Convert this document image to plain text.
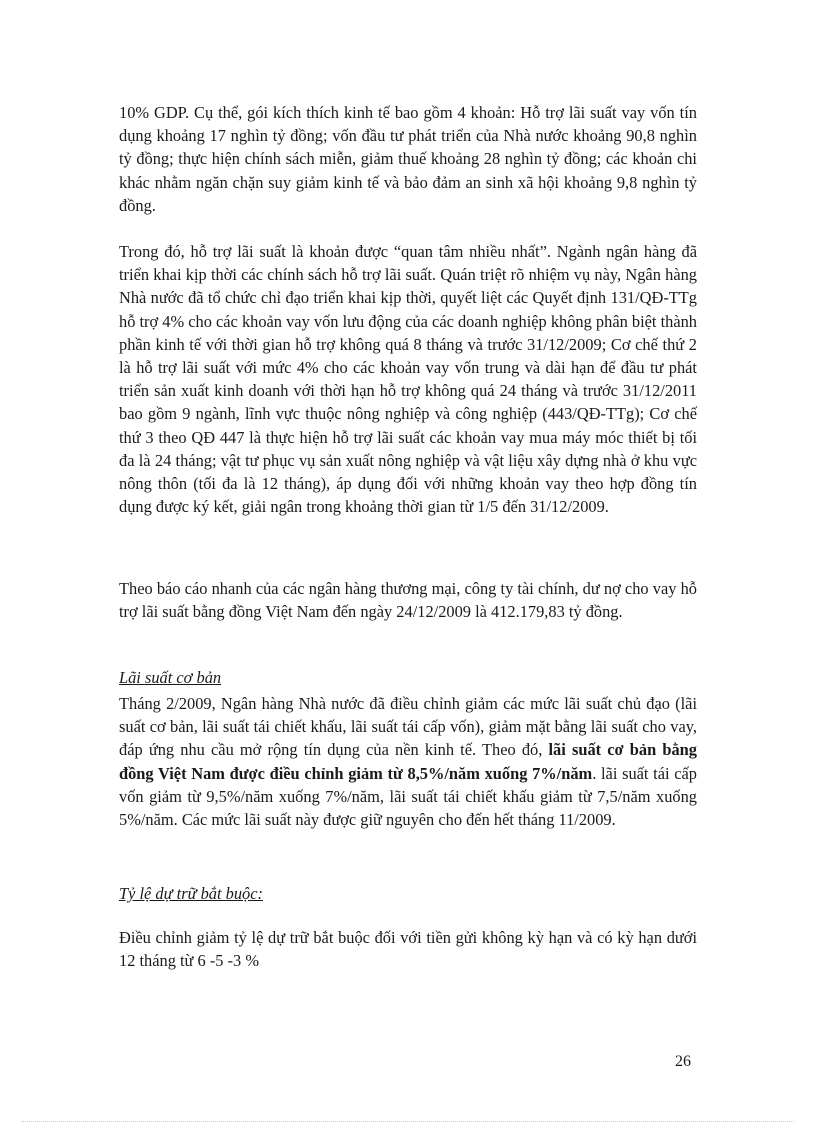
10% GDP. Cụ thể, gói kích thích kinh tế bao gồm 4 khoản: Hỗ trợ lãi suất vay vốn tín dụng khoảng 17 nghìn tỷ đồng; vốn đầu tư phát triển của Nhà nước khoảng 90,8 nghìn tỷ đồng; thực hiện chính sách miễn, giảm thuế khoảng 28 nghìn tỷ đồng; các khoản chi khác nhằm ngăn chặn suy giảm kinh tế và bảo đảm an sinh xã hội khoảng 9,8 nghìn tỷ đồng.

Trong đó, hỗ trợ lãi suất là khoản được “quan tâm nhiều nhất”. Ngành ngân hàng đã triển khai kịp thời các chính sách hỗ trợ lãi suất. Quán triệt rõ nhiệm vụ này, Ngân hàng Nhà nước đã tổ chức chỉ đạo triển khai kịp thời, quyết liệt các Quyết định 131/QĐ-TTg hỗ trợ 4% cho các khoản vay vốn lưu động của các doanh nghiệp không phân biệt thành phần kinh tế với thời gian hỗ trợ không quá 8 tháng và trước 31/12/2009; Cơ chế thứ 2 là hỗ trợ lãi suất với mức 4% cho các khoản vay vốn trung và dài hạn để đầu tư phát triển sản xuất kinh doanh với thời hạn hỗ trợ không quá 24 tháng và trước 31/12/2011 bao gồm 9 ngành, lĩnh vực thuộc nông nghiệp và công nghiệp (443/QĐ-TTg); Cơ chế thứ 3 theo QĐ 447 là thực hiện hỗ trợ lãi suất các khoản vay mua máy móc thiết bị tối đa là 24 tháng; vật tư phục vụ sản xuất nông nghiệp và vật liệu xây dựng nhà ở khu vực nông thôn (tối đa là 12 tháng), áp dụng đối với những khoản vay theo hợp đồng tín dụng được ký kết, giải ngân trong khoảng thời gian từ 1/5 đến 31/12/2009.

Theo báo cáo nhanh của các ngân hàng thương mại, công ty tài chính, dư nợ cho vay hỗ trợ lãi suất bằng đồng Việt Nam đến ngày 24/12/2009 là 412.179,83 tỷ đồng.

Lãi suất cơ bản

Tháng 2/2009, Ngân hàng Nhà nước đã điều chỉnh giảm các mức lãi suất chủ đạo (lãi suất cơ bản, lãi suất tái chiết khấu, lãi suất tái cấp vốn), giảm mặt bằng lãi suất cho vay, đáp ứng nhu cầu mở rộng tín dụng của nền kinh tế. Theo đó, lãi suất cơ bản bằng đồng Việt Nam được điều chỉnh giảm từ 8,5%/năm xuống 7%/năm. lãi suất tái cấp vốn giảm từ 9,5%/năm xuống 7%/năm, lãi suất tái chiết khấu giảm từ 7,5/năm xuống 5%/năm. Các mức lãi suất này được giữ nguyên cho đến hết tháng 11/2009.

Tỷ lệ dự trữ bắt buộc:

Điều chỉnh giảm tỷ lệ dự trữ bắt buộc đối với tiền gửi không kỳ hạn và có kỳ hạn dưới 12 tháng từ 6 -5 -3 %

26
